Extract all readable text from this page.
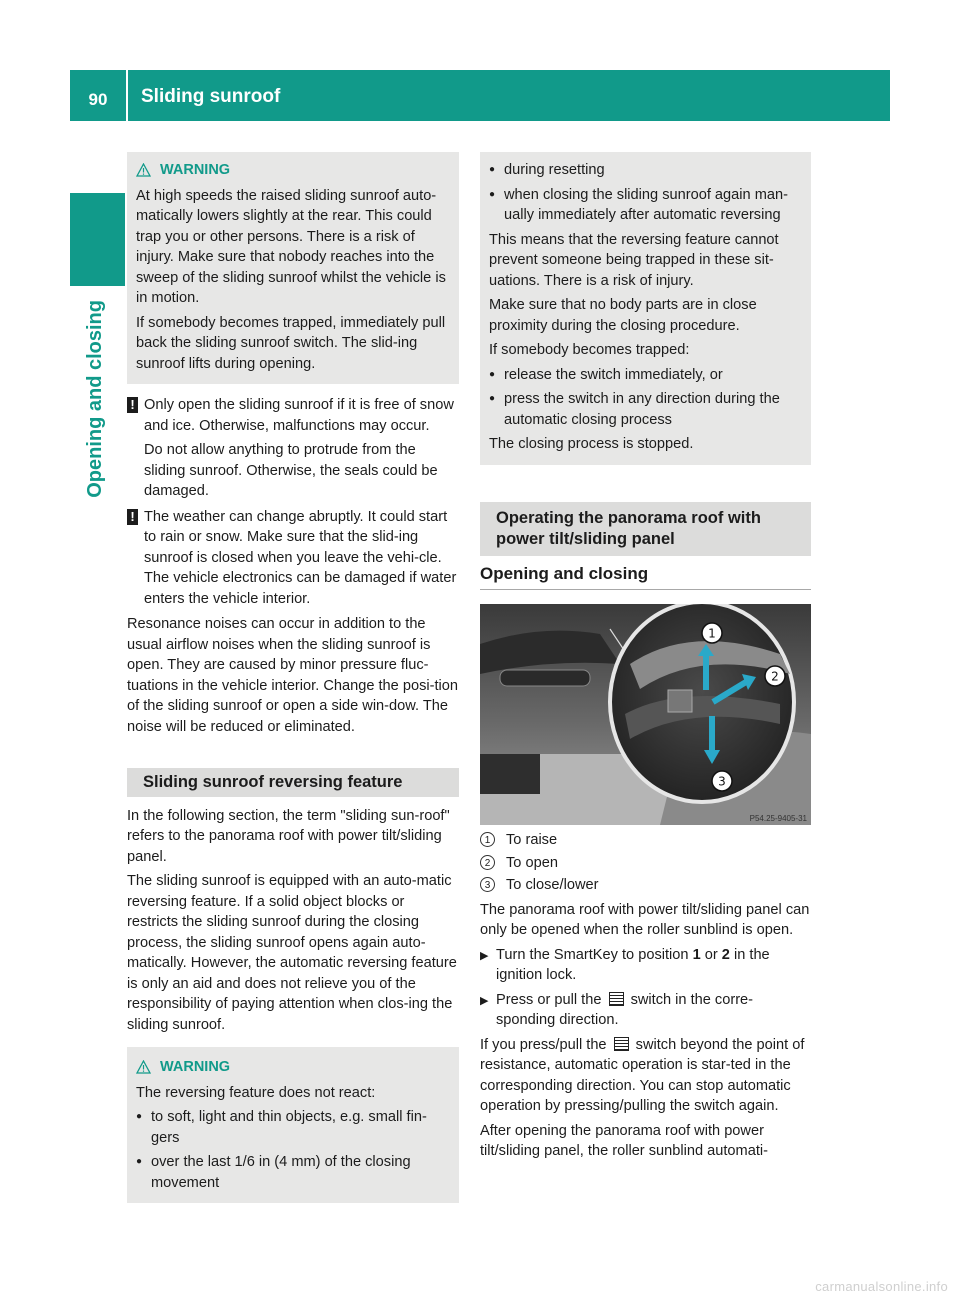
90	Sliding sunroof
Opening and closing
WARNING

At high speeds the raised sliding sunroof auto-matically lowers slightly at the rear. This could trap you or other persons. There is a risk of injury. Make sure that nobody reaches into the sweep of the sliding sunroof whilst the vehicle is in motion.

If somebody becomes trapped, immediately pull back the sliding sunroof switch. The slid-ing sunroof lifts during opening.

! Only open the sliding sunroof if it is free of snow and ice. Otherwise, malfunctions may occur.

Do not allow anything to protrude from the sliding sunroof. Otherwise, the seals could be damaged.

! The weather can change abruptly. It could start to rain or snow. Make sure that the slid-ing sunroof is closed when you leave the vehi-cle. The vehicle electronics can be damaged if water enters the vehicle interior.

Resonance noises can occur in addition to the usual airflow noises when the sliding sunroof is open. They are caused by minor pressure fluc-tuations in the vehicle interior. Change the posi-tion of the sliding sunroof or open a side win-dow. The noise will be reduced or eliminated.

Sliding sunroof reversing feature

In the following section, the term "sliding sun-roof" refers to the panorama roof with power tilt/sliding panel.

The sliding sunroof is equipped with an auto-matic reversing feature. If a solid object blocks or restricts the sliding sunroof during the closing process, the sliding sunroof opens again auto-matically. However, the automatic reversing feature is only an aid and does not relieve you of the responsibility of paying attention when clos-ing the sliding sunroof.

WARNING

The reversing feature does not react:

● to soft, light and thin objects, e.g. small fin-gers
● over the last 1/6 in (4 mm) of the closing movement
● during resetting
● when closing the sliding sunroof again man-ually immediately after automatic reversing

This means that the reversing feature cannot prevent someone being trapped in these sit-uations. There is a risk of injury.

Make sure that no body parts are in close proximity during the closing procedure.

If somebody becomes trapped:

● release the switch immediately, or
● press the switch in any direction during the automatic closing process

The closing process is stopped.

Operating the panorama roof with power tilt/sliding panel
Opening and closing
1
2
3
P54.25-9405-31
1	To raise
2	To open
3	To close/lower

The panorama roof with power tilt/sliding panel can only be opened when the roller sunblind is open.

▶ Turn the SmartKey to position 1 or 2 in the ignition lock.
▶ Press or pull the  switch in the corre-sponding direction.

If you press/pull the  switch beyond the point of resistance, automatic operation is star-ted in the corresponding direction. You can stop automatic operation by pressing/pulling the switch again.

After opening the panorama roof with power tilt/sliding panel, the roller sunblind automati-

carmanualsonline.info
